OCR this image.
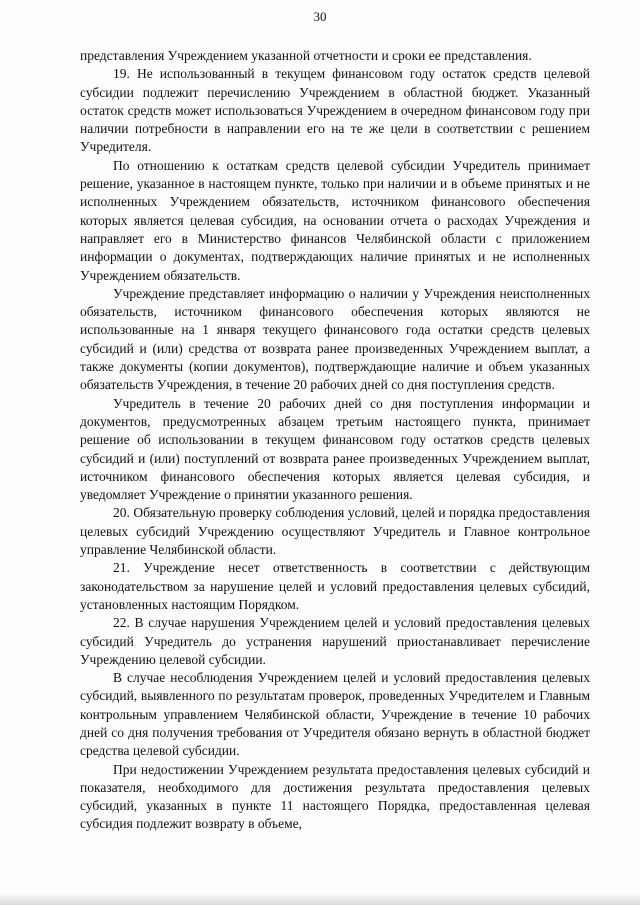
30

представления Учреждением указанной отчетности и сроки ее представления.

19. Не использованный в текущем финансовом году остаток средств целевой субсидии подлежит перечислению Учреждением в областной бюджет. Указанный остаток средств может использоваться Учреждением в очередном финансовом году при наличии потребности в направлении его на те же цели в соответствии с решением Учредителя.

По отношению к остаткам средств целевой субсидии Учредитель принимает решение, указанное в настоящем пункте, только при наличии и в объеме принятых и не исполненных Учреждением обязательств, источником финансового обеспечения которых является целевая субсидия, на основании отчета о расходах Учреждения и направляет его в Министерство финансов Челябинской области с приложением информации о документах, подтверждающих наличие принятых и не исполненных Учреждением обязательств.

Учреждение представляет информацию о наличии у Учреждения неисполненных обязательств, источником финансового обеспечения которых являются не использованные на 1 января текущего финансового года остатки средств целевых субсидий и (или) средства от возврата ранее произведенных Учреждением выплат, а также документы (копии документов), подтверждающие наличие и объем указанных обязательств Учреждения, в течение 20 рабочих дней со дня поступления средств.

Учредитель в течение 20 рабочих дней со дня поступления информации и документов, предусмотренных абзацем третьим настоящего пункта, принимает решение об использовании в текущем финансовом году остатков средств целевых субсидий и (или) поступлений от возврата ранее произведенных Учреждением выплат, источником финансового обеспечения которых является целевая субсидия, и уведомляет Учреждение о принятии указанного решения.

20. Обязательную проверку соблюдения условий, целей и порядка предоставления целевых субсидий Учреждению осуществляют Учредитель и Главное контрольное управление Челябинской области.

21. Учреждение несет ответственность в соответствии с действующим законодательством за нарушение целей и условий предоставления целевых субсидий, установленных настоящим Порядком.

22. В случае нарушения Учреждением целей и условий предоставления целевых субсидий Учредитель до устранения нарушений приостанавливает перечисление Учреждению целевой субсидии.

В случае несоблюдения Учреждением целей и условий предоставления целевых субсидий, выявленного по результатам проверок, проведенных Учредителем и Главным контрольным управлением Челябинской области, Учреждение в течение 10 рабочих дней со дня получения требования от Учредителя обязано вернуть в областной бюджет средства целевой субсидии.

При недостижении Учреждением результата предоставления целевых субсидий и показателя, необходимого для достижения результата предоставления целевых субсидий, указанных в пункте 11 настоящего Порядка, предоставленная целевая субсидия подлежит возврату в объеме,
